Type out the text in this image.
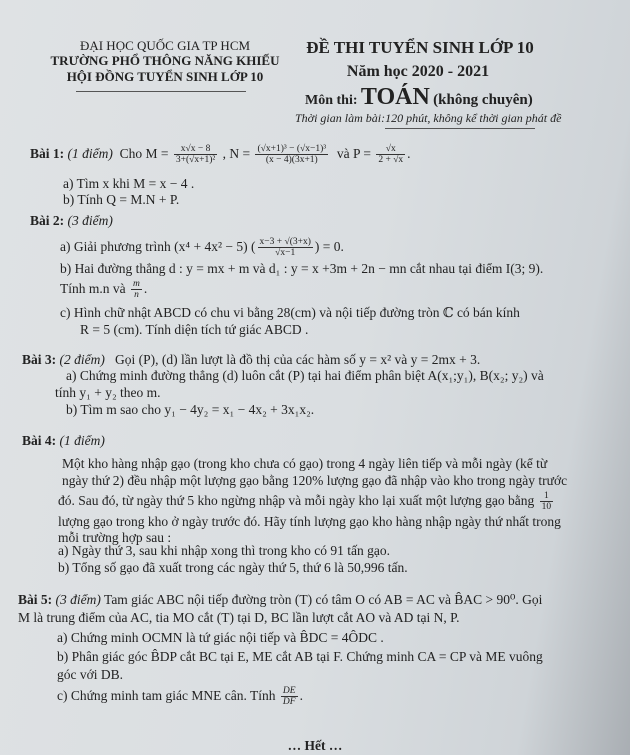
ĐẠI HỌC QUỐC GIA TP HCM
TRƯỜNG PHỔ THÔNG NĂNG KHIẾU
HỘI ĐỒNG TUYỂN SINH LỚP 10
ĐỀ THI TUYỂN SINH LỚP 10
Năm học 2020 - 2021
Môn thi: TOÁN (không chuyên)
Thời gian làm bài:120 phút, không kể thời gian phát đề
Bài 1: (1 điểm) Cho $M = \frac{x√x - 8}{\text{3+(√x+1)²}}$ , $N = \frac{\text{(√x+1)³ − (√x−1)³}}{(x - 4)(3x+1)}$ và $P = \frac{√x}{2 + √x}$ .
a) Tìm x khi M = x − 4 .
b) Tính Q = M.N + P.
Bài 2: (3 điểm)
a) Giải phương trình (x⁴ + 4x² − 5) ( $\frac{x-3 + √(3+x)}{√x-1}$ ) = 0.
b) Hai đường thẳng d : y = mx + m và d₁ : y = x +3m + 2n − mn cắt nhau tại điểm I(3; 9).
Tính m.n và $\frac{m}{n}$ .
c) Hình chữ nhật ABCD có chu vi bằng 28(cm) và nội tiếp đường tròn ℂ có bán kính
R = 5 (cm). Tính diện tích tứ giác ABCD .
Bài 3: (2 điểm) Gọi (P), (d) lần lượt là đồ thị của các hàm số y = x² và y = 2mx + 3.
a) Chứng minh đường thẳng (d) luôn cắt (P) tại hai điểm phân biệt A(x₁;y₁), B(x₂; y₂) và
tính y₁ + y₂ theo m.
b) Tìm m sao cho y₁ − 4y₂ = x₁ − 4x₂ + 3x₁x₂.
Bài 4: (1 điểm)
Một kho hàng nhập gạo (trong kho chưa có gạo) trong 4 ngày liên tiếp và mỗi ngày (kể từ
ngày thứ 2) đều nhập một lượng gạo bằng 120% lượng gạo đã nhập vào kho trong ngày trước
đó. Sau đó, từ ngày thứ 5 kho ngừng nhập và mỗi ngày kho lại xuất một lượng gạo bằng $\frac{1}{10}$
lượng gạo trong kho ở ngày trước đó. Hãy tính lượng gạo kho hàng nhập ngày thứ nhất trong
mỗi trường hợp sau :
a) Ngày thứ 3, sau khi nhập xong thì trong kho có 91 tấn gạo.
b) Tổng số gạo đã xuất trong các ngày thứ 5, thứ 6 là 50,996 tấn.
Bài 5: (3 điểm) Tam giác ABC nội tiếp đường tròn (T) có tâm O có AB = AC và B̂AC > 90⁰. Gọi
M là trung điểm của AC, tia MO cắt (T) tại D, BC lần lượt cắt AO và AD tại N, P.
a) Chứng minh OCMN là tứ giác nội tiếp và B̂DC = 4ÔDC .
b) Phân giác góc B̂DP cắt BC tại E, ME cắt AB tại F. Chứng minh CA = CP và ME vuông
góc với DB.
c) Chứng minh tam giác MNE cân. Tính $\frac{DE}{DF}$ .
… Hết …
